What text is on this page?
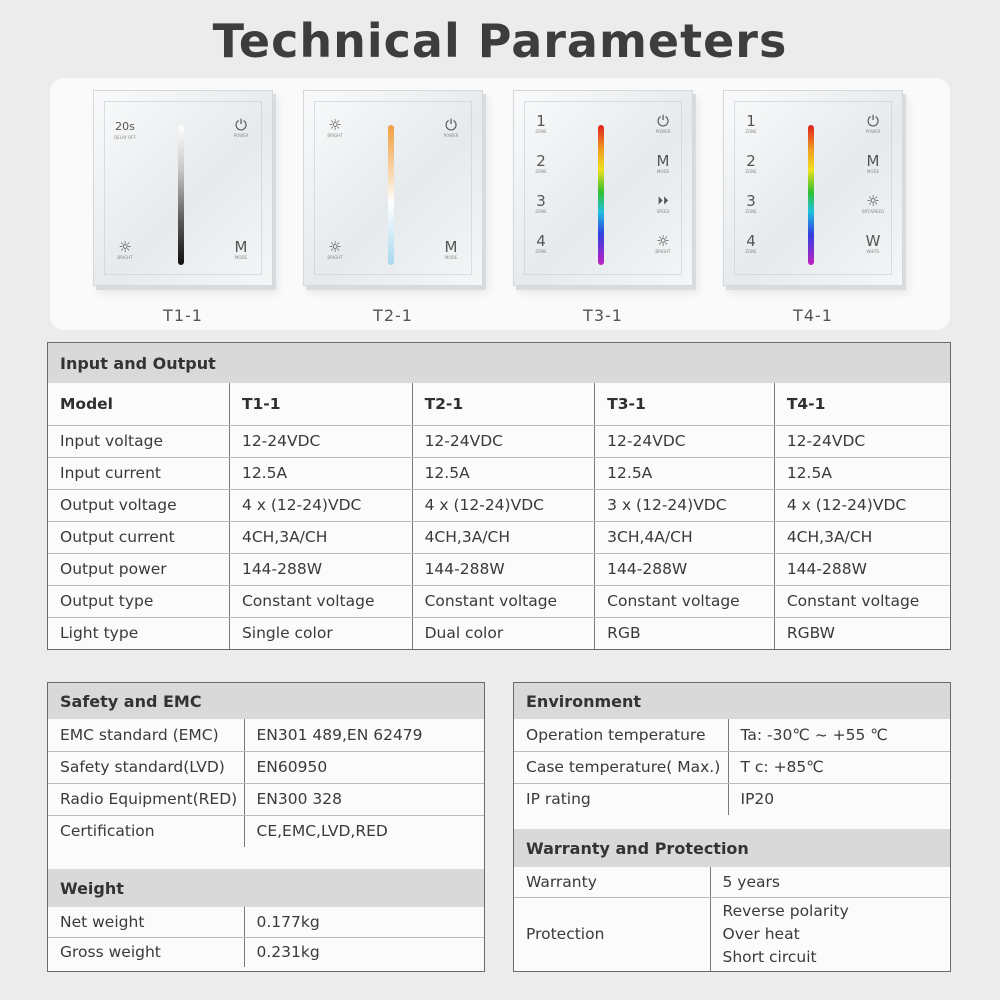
Technical Parameters
20s
DELAY OFF
⏻
POWER
☼
BRIGHT
M
MODE
T1-1
☼
BRIGHT
⏻
POWER
☼
BRIGHT
M
MODE
T2-1
1
ZONE
2
ZONE
3
ZONE
4
ZONE
⏻
POWER
M
MODE
⏵⏵
SPEED
☼
BRIGHT
T3-1
1
ZONE
2
ZONE
3
ZONE
4
ZONE
⏻
POWER
M
MODE
☼
BRT/SPEED
W
WHITE
T4-1
Input and Output
Model	T1-1	T2-1	T3-1	T4-1
Input voltage	12-24VDC	12-24VDC	12-24VDC	12-24VDC
Input current	12.5A	12.5A	12.5A	12.5A
Output voltage	4 x (12-24)VDC	4 x (12-24)VDC	3 x (12-24)VDC	4 x (12-24)VDC
Output current	4CH,3A/CH	4CH,3A/CH	3CH,4A/CH	4CH,3A/CH
Output power	144-288W	144-288W	144-288W	144-288W
Output type	Constant voltage	Constant voltage	Constant voltage	Constant voltage
Light type	Single color	Dual color	RGB	RGBW
Safety and EMC
EMC standard (EMC)	EN301 489,EN 62479
Safety standard(LVD)	EN60950
Radio Equipment(RED)	EN300 328
Certification	CE,EMC,LVD,RED
Weight
Net weight	0.177kg
Gross weight	0.231kg
Environment
Operation temperature	Ta: -30℃ ~ +55 ℃
Case temperature( Max.)	T c: +85℃
IP rating	IP20
Warranty and Protection
Warranty	5 years
Protection	Reverse polarity
Over heat
Short circuit
